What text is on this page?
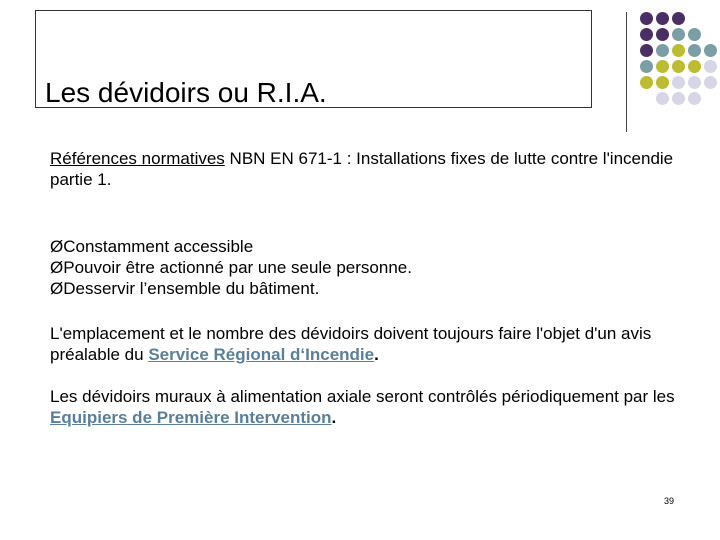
Les dévidoirs ou R.I.A.

Références normatives NBN EN 671-1 : Installations fixes de lutte contre l'incendie partie 1.

ØConstamment accessible
ØPouvoir être actionné par une seule personne.
ØDesservir l’ensemble du bâtiment.

L'emplacement et le nombre des dévidoirs doivent toujours faire l'objet d'un avis préalable du Service Régional d‘Incendie.

Les dévidoirs muraux à alimentation axiale seront contrôlés périodiquement par les Equipiers de Première Intervention.

39
